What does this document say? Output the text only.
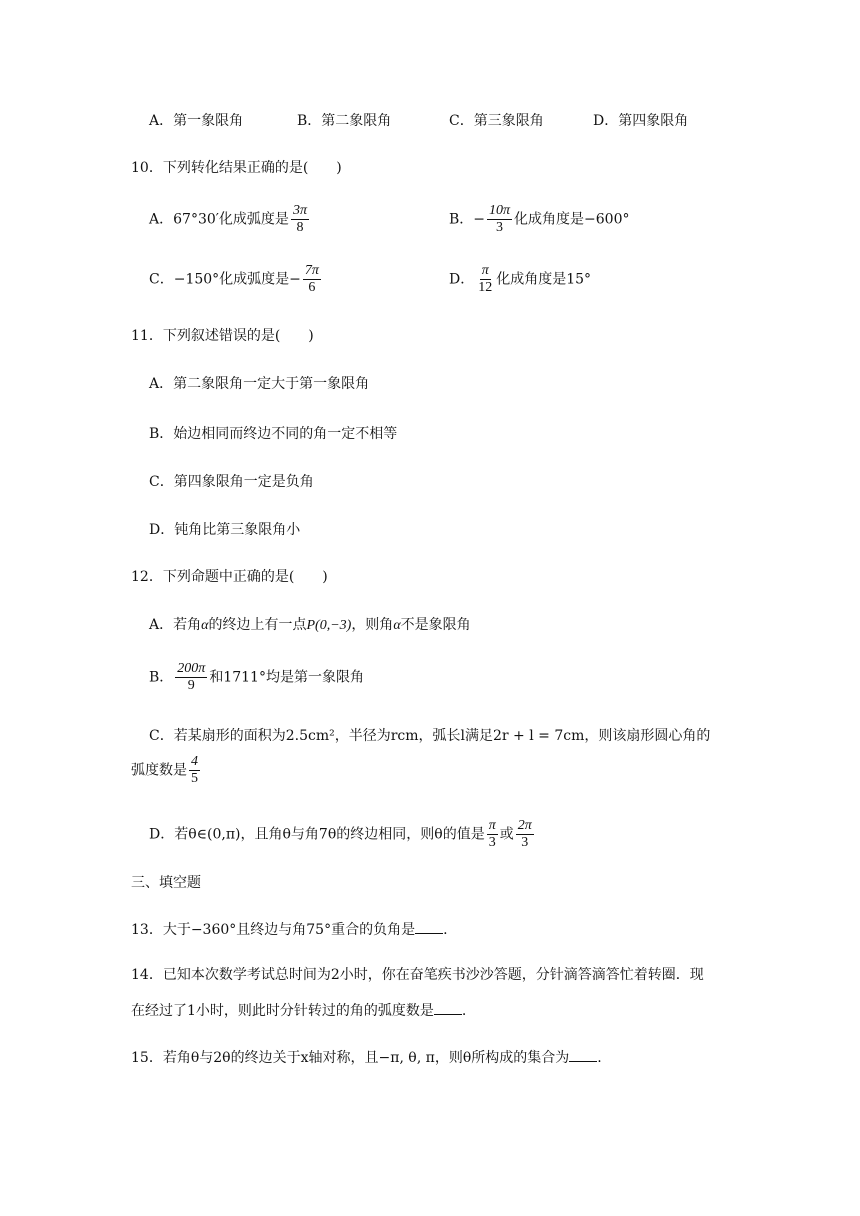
A．第一象限角	B．第二象限角	C．第三象限角	D．第四象限角
10．下列转化结果正确的是(　　)
A．67°30′化成弧度是 $\frac{3\pi}{8}$	B．− $\frac{10\pi}{3}$ 化成角度是−600°
C．−150°化成弧度是− $\frac{7\pi}{6}$	D． $\frac{\pi}{12}$ 化成角度是15°
11．下列叙述错误的是(　　)
A．第二象限角一定大于第一象限角
B．始边相同而终边不同的角一定不相等
C．第四象限角一定是负角
D．钝角比第三象限角小
12．下列命题中正确的是(　　)
A．若角α的终边上有一点P(0,−3)，则角α不是象限角
B． $\frac{200\pi}{9}$ 和1711°均是第一象限角
C．若某扇形的面积为2.5cm²，半径为rcm，弧长l满足2r + l = 7cm，则该扇形圆心角的
弧度数是 $\frac{4}{5}$
D．若θ∈(0,π)，且角θ与角7θ的终边相同，则θ的值是 $\frac{\pi}{3}$ 或 $\frac{2\pi}{3}$
三、填空题
13．大于−360°且终边与角75°重合的负角是 .
14．已知本次数学考试总时间为2小时，你在奋笔疾书沙沙答题，分针滴答滴答忙着转圈．现
在经过了1小时，则此时分针转过的角的弧度数是 .
15．若角θ与2θ的终边关于x轴对称，且−π‚ θ‚ π，则θ所构成的集合为 .
